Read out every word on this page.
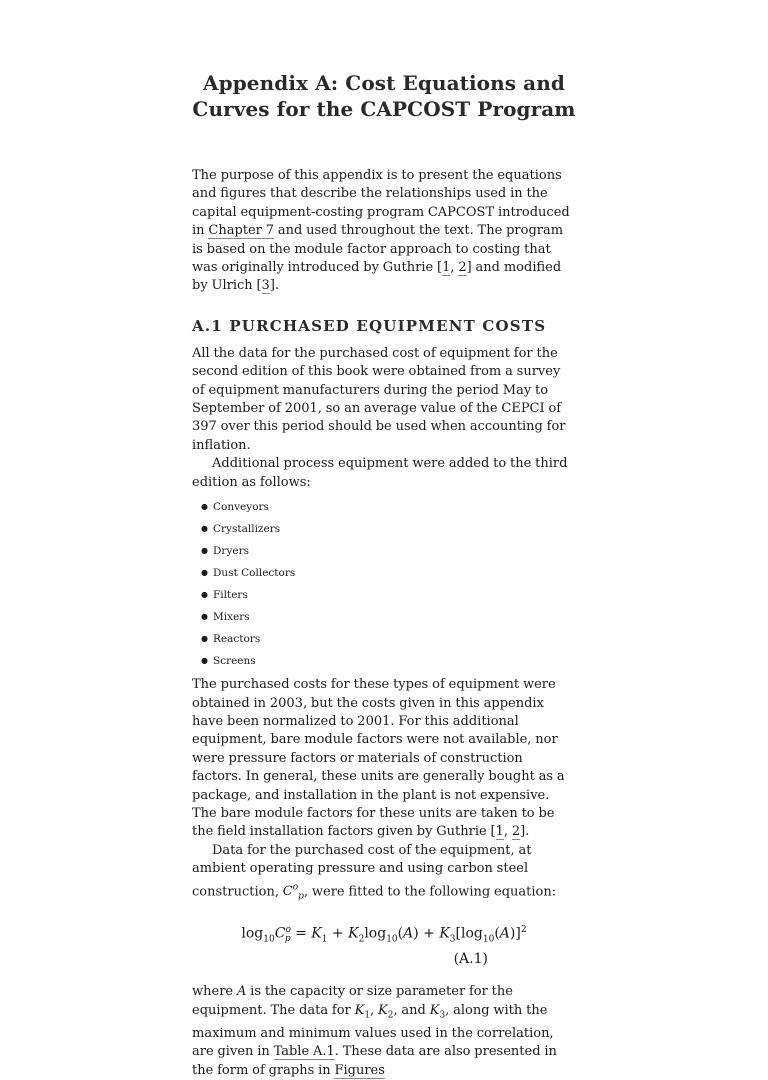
Appendix A: Cost Equations and
Curves for the CAPCOST Program

The purpose of this appendix is to present the equations and figures that describe the relationships used in the capital equipment-costing program CAPCOST introduced in Chapter 7 and used throughout the text. The program is based on the module factor approach to costing that was originally introduced by Guthrie [1, 2] and modified by Ulrich [3].

A.1 PURCHASED EQUIPMENT COSTS

All the data for the purchased cost of equipment for the second edition of this book were obtained from a survey of equipment manufacturers during the period May to September of 2001, so an average value of the CEPCI of 397 over this period should be used when accounting for inflation.

Additional process equipment were added to the third edition as follows:

● Conveyors
● Crystallizers
● Dryers
● Dust Collectors
● Filters
● Mixers
● Reactors
● Screens

The purchased costs for these types of equipment were obtained in 2003, but the costs given in this appendix have been normalized to 2001. For this additional equipment, bare module factors were not available, nor were pressure factors or materials of construction factors. In general, these units are generally bought as a package, and installation in the plant is not expensive. The bare module factors for these units are taken to be the field installation factors given by Guthrie [1, 2].

Data for the purchased cost of the equipment, at ambient operating pressure and using carbon steel construction, $C^o_p$, were fitted to the following equation:

$\log_{10}C^o_p = K_1 + K_2\log_{10}(A) + K_3[\log_{10}(A)]^2$
(A.1)

where A is the capacity or size parameter for the equipment. The data for $K_1$, $K_2$, and $K_3$, along with the maximum and minimum values used in the correlation, are given in Table A.1. These data are also presented in the form of graphs in Figures
